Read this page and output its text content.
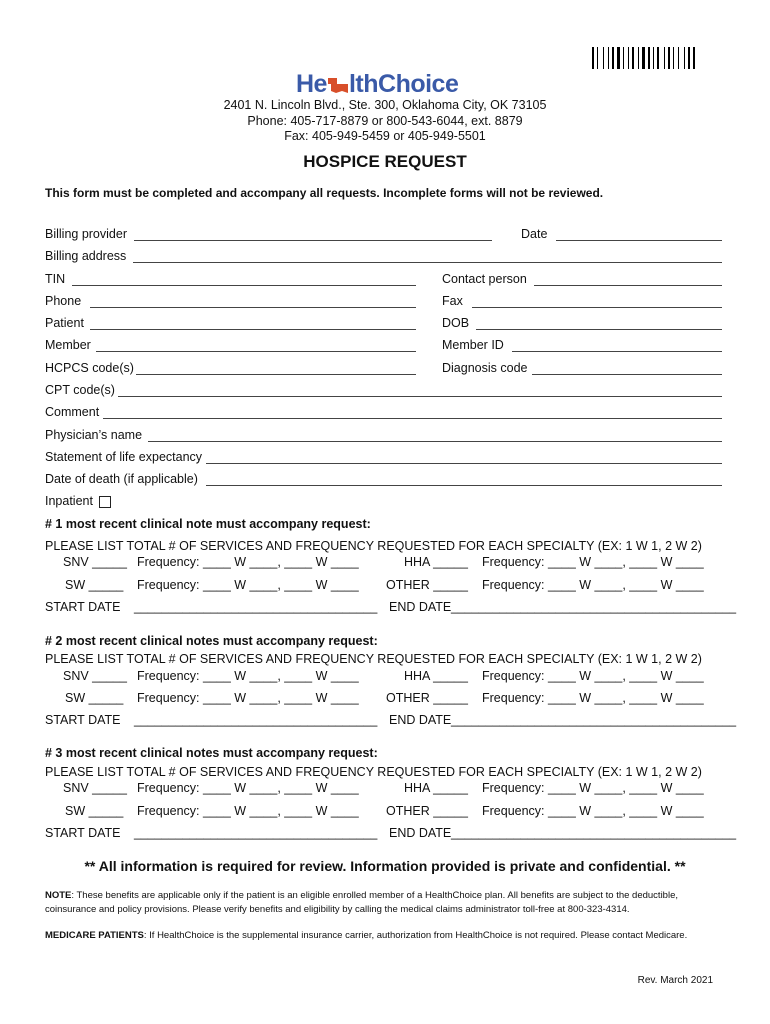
He lthChoice
2401 N. Lincoln Blvd., Ste. 300, Oklahoma City, OK 73105
Phone: 405-717-8879 or 800-543-6044, ext. 8879
Fax: 405-949-5459 or 405-949-5501
HOSPICE REQUEST
This form must be completed and accompany all requests. Incomplete forms will not be reviewed.
Billing provider	Date
Billing address
TIN	Contact person
Phone	Fax
Patient	DOB
Member	Member ID
HCPCS code(s)	Diagnosis code
CPT code(s)
Comment
Physician’s name
Statement of life expectancy
Date of death (if applicable)
Inpatient
# 1 most recent clinical note must accompany request:
PLEASE LIST TOTAL # OF SERVICES AND FREQUENCY REQUESTED FOR EACH SPECIALTY (EX: 1 W 1, 2 W 2)
SNV _____ Frequency: ____ W ____, ____ W ____	HHA _____ Frequency: ____ W ____, ____ W ____
SW _____ Frequency: ____ W ____, ____ W ____ OTHER _____ Frequency: ____ W ____, ____ W ____
START DATE ___________________________________ END DATE _________________________________________
# 2 most recent clinical notes must accompany request:
PLEASE LIST TOTAL # OF SERVICES AND FREQUENCY REQUESTED FOR EACH SPECIALTY (EX: 1 W 1, 2 W 2)
SNV _____ Frequency: ____ W ____, ____ W ____	HHA _____ Frequency: ____ W ____, ____ W ____
SW _____ Frequency: ____ W ____, ____ W ____ OTHER _____ Frequency: ____ W ____, ____ W ____
START DATE ___________________________________ END DATE _________________________________________
# 3 most recent clinical notes must accompany request:
PLEASE LIST TOTAL # OF SERVICES AND FREQUENCY REQUESTED FOR EACH SPECIALTY (EX: 1 W 1, 2 W 2)
SNV _____ Frequency: ____ W ____, ____ W ____	HHA _____ Frequency: ____ W ____, ____ W ____
SW _____ Frequency: ____ W ____, ____ W ____ OTHER _____ Frequency: ____ W ____, ____ W ____
START DATE ___________________________________ END DATE _________________________________________
** All information is required for review. Information provided is private and confidential. **
NOTE: These benefits are applicable only if the patient is an eligible enrolled member of a HealthChoice plan. All benefits are subject to the deductible, coinsurance and policy provisions. Please verify benefits and eligibility by calling the medical claims administrator toll-free at 800-323-4314.
MEDICARE PATIENTS: If HealthChoice is the supplemental insurance carrier, authorization from HealthChoice is not required. Please contact Medicare.
Rev. March 2021
